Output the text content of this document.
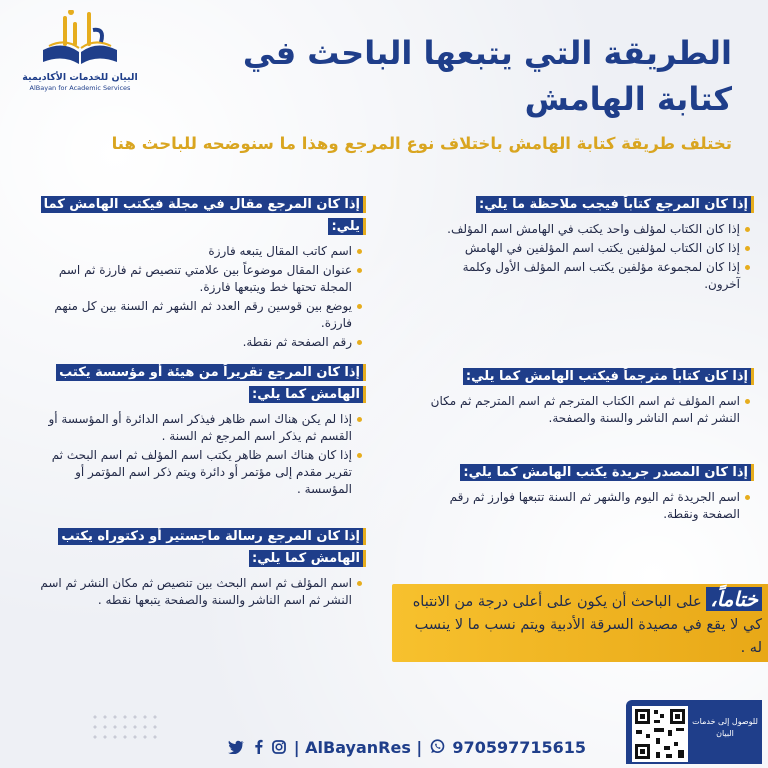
البيان للخدمات الأكاديمية
AlBayan for Academic Services
الطريقة التي يتبعها الباحث في كتابة الهامش
تختلف طريقة كتابة الهامش باختلاف نوع المرجع وهذا ما سنوضحه للباحث هنا
إذا كان المرجع كتاباً فيجب ملاحظة ما يلي:
إذا كان الكتاب لمؤلف واحد يكتب في الهامش اسم المؤلف.
إذا كان الكتاب لمؤلفين يكتب اسم المؤلفين في الهامش
إذا كان لمجموعة مؤلفين يكتب اسم المؤلف الأول وكلمة آخرون.
إذا كان كتاباً مترجماً فيكتب الهامش كما يلي:
اسم المؤلف ثم اسم الكتاب المترجم ثم اسم المترجم ثم مكان النشر ثم اسم الناشر والسنة والصفحة.
إذا كان المصدر جريدة يكتب الهامش كما يلي:
اسم الجريدة ثم اليوم والشهر ثم السنة تتبعها فوارز ثم رقم الصفحة ونقطة.
إذا كان المرجع مقال في مجلة فيكتب الهامش كما يلي:
اسم كاتب المقال يتبعه فارزة
عنوان المقال موضوعاً بين علامتي تنصيص ثم فارزة ثم اسم المجلة تحتها خط ويتبعها فارزة.
يوضع بين قوسين رقم العدد ثم الشهر ثم السنة بين كل منهم فارزة.
رقم الصفحة ثم نقطة.
إذا كان المرجع تقريراً من هيئة أو مؤسسة يكتب الهامش كما يلي:
إذا لم يكن هناك اسم ظاهر فيذكر اسم الدائرة أو المؤسسة أو القسم ثم يذكر اسم المرجع ثم السنة .
إذا كان هناك اسم ظاهر يكتب اسم المؤلف ثم اسم البحث ثم تقرير مقدم إلى مؤتمر أو دائرة ويتم ذكر اسم المؤتمر أو المؤسسة .
إذا كان المرجع رسالة ماجستير أو دكتوراه يكتب الهامش كما يلي:
اسم المؤلف ثم اسم البحث بين تنصيص ثم مكان النشر ثم اسم النشر ثم اسم الناشر والسنة والصفحة يتبعها نقطه .	ختاماً، على الباحث أن يكون على أعلى درجة من الانتباه كي لا يقع في مصيدة السرقة الأدبية ويتم نسب ما لا ينسب له .
| AlBayanRes | 970597715615
للوصول إلى خدمات البيان
